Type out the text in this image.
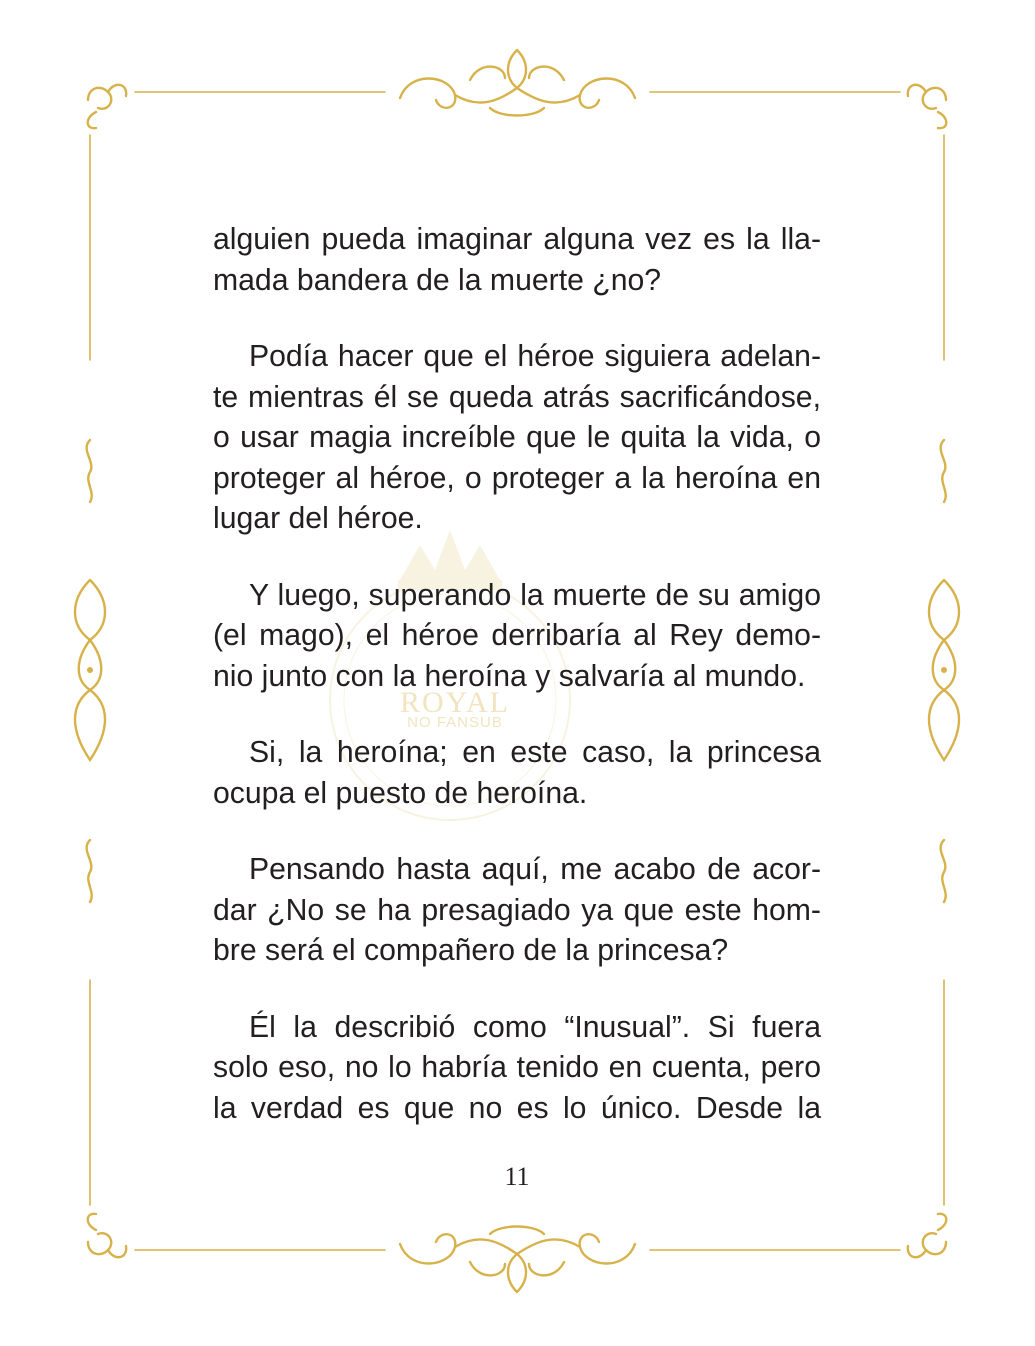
ROYAL
NO FANSUB

alguien pueda imaginar alguna vez es la lla-
mada bandera de la muerte ¿no?

Podía hacer que el héroe siguiera adelan-
te mientras él se queda atrás sacrificándose,
o usar magia increíble que le quita la vida, o
proteger al héroe, o proteger a la heroína en
lugar del héroe.

Y luego, superando la muerte de su amigo
(el mago), el héroe derribaría al Rey demo-
nio junto con la heroína y salvaría al mundo.

Si, la heroína; en este caso, la princesa
ocupa el puesto de heroína.

Pensando hasta aquí, me acabo de acor-
dar ¿No se ha presagiado ya que este hom-
bre será el compañero de la princesa?

Él la describió como “Inusual”. Si fuera
solo eso, no lo habría tenido en cuenta, pero
la verdad es que no es lo único. Desde la

11
